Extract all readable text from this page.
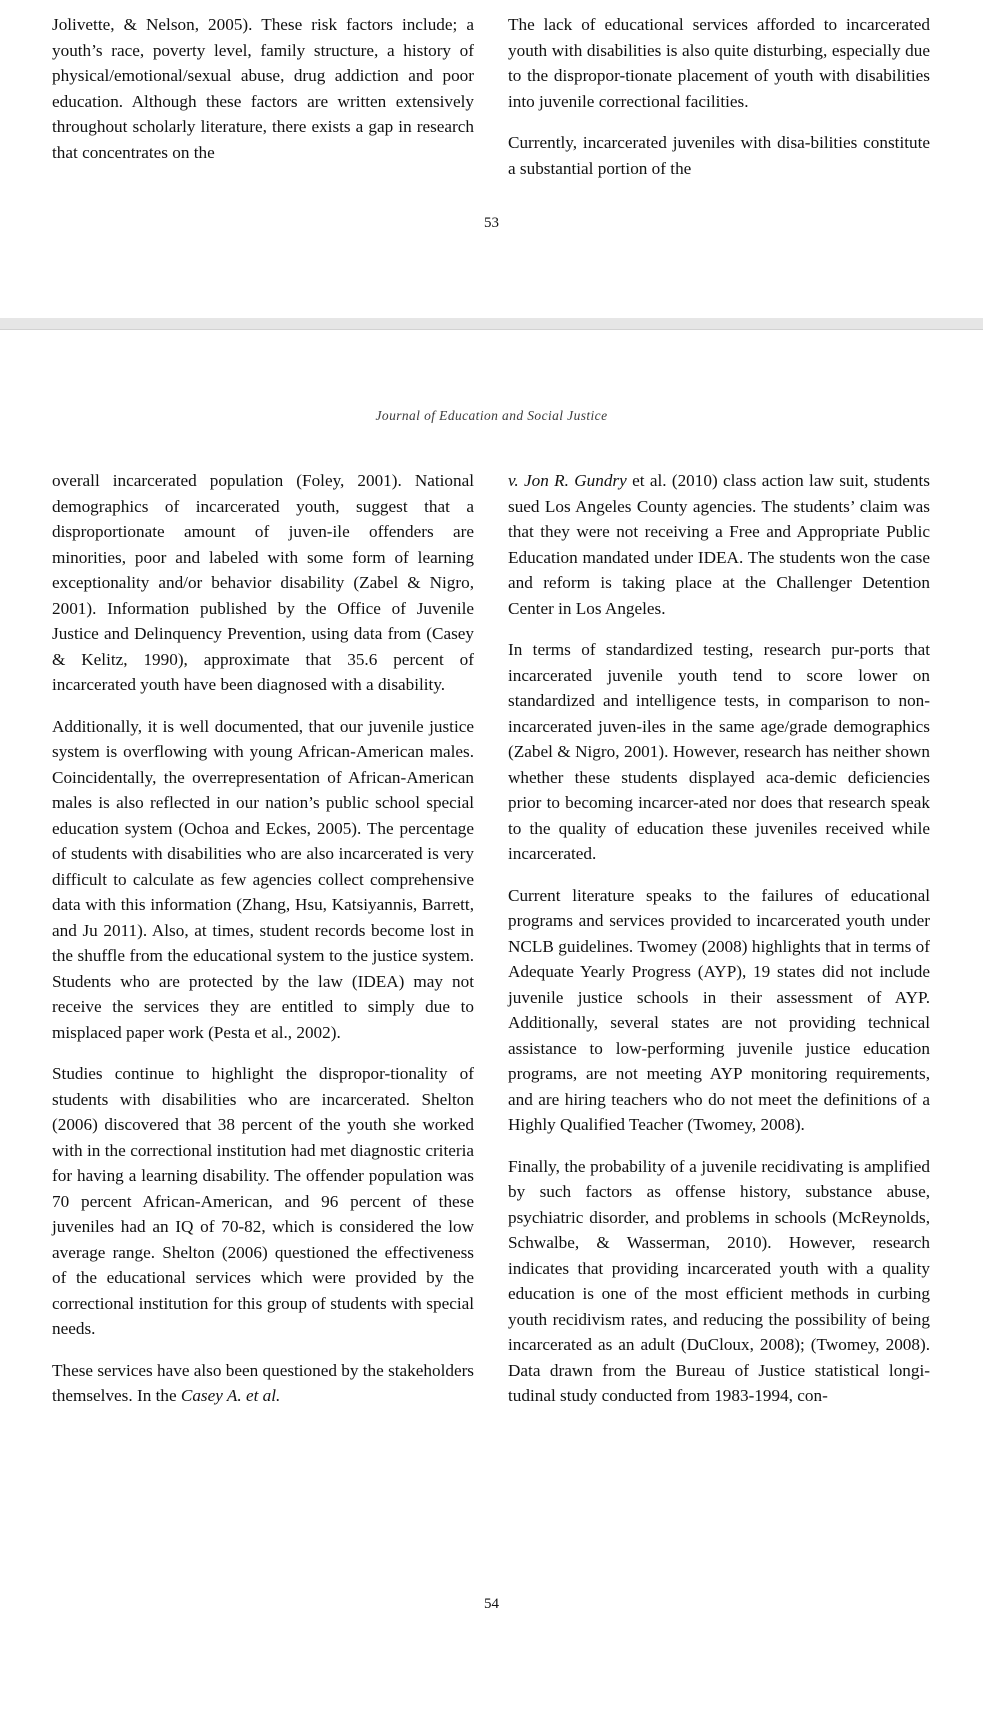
Jolivette, & Nelson, 2005). These risk factors include; a youth’s race, poverty level, family structure, a history of physical/emotional/sexual abuse, drug addiction and poor education. Although these factors are written extensively throughout scholarly literature, there exists a gap in research that concentrates on the

The lack of educational services afforded to incarcerated youth with disabilities is also quite disturbing, especially due to the dispropor-tionate placement of youth with disabilities into juvenile correctional facilities.

Currently, incarcerated juveniles with disa-bilities constitute a substantial portion of the

53
Journal of Education and Social Justice

overall incarcerated population (Foley, 2001). National demographics of incarcerated youth, suggest that a disproportionate amount of juven-ile offenders are minorities, poor and labeled with some form of learning exceptionality and/or behavior disability (Zabel & Nigro, 2001). Information published by the Office of Juvenile Justice and Delinquency Prevention, using data from (Casey & Kelitz, 1990), approximate that 35.6 percent of incarcerated youth have been diagnosed with a disability.

Additionally, it is well documented, that our juvenile justice system is overflowing with young African-American males. Coincidentally, the overrepresentation of African-American males is also reflected in our nation’s public school special education system (Ochoa and Eckes, 2005). The percentage of students with disabilities who are also incarcerated is very difficult to calculate as few agencies collect comprehensive data with this information (Zhang, Hsu, Katsiyannis, Barrett, and Ju 2011). Also, at times, student records become lost in the shuffle from the educational system to the justice system. Students who are protected by the law (IDEA) may not receive the services they are entitled to simply due to misplaced paper work (Pesta et al., 2002).

Studies continue to highlight the dispropor-tionality of students with disabilities who are incarcerated. Shelton (2006) discovered that 38 percent of the youth she worked with in the correctional institution had met diagnostic criteria for having a learning disability. The offender population was 70 percent African-American, and 96 percent of these juveniles had an IQ of 70-82, which is considered the low average range. Shelton (2006) questioned the effectiveness of the educational services which were provided by the correctional institution for this group of students with special needs.

These services have also been questioned by the stakeholders themselves. In the Casey A. et al.

v. Jon R. Gundry et al. (2010) class action law suit, students sued Los Angeles County agencies. The students’ claim was that they were not receiving a Free and Appropriate Public Education mandated under IDEA. The students won the case and reform is taking place at the Challenger Detention Center in Los Angeles.

In terms of standardized testing, research pur-ports that incarcerated juvenile youth tend to score lower on standardized and intelligence tests, in comparison to non-incarcerated juven-iles in the same age/grade demographics (Zabel & Nigro, 2001). However, research has neither shown whether these students displayed aca-demic deficiencies prior to becoming incarcer-ated nor does that research speak to the quality of education these juveniles received while incarcerated.

Current literature speaks to the failures of educational programs and services provided to incarcerated youth under NCLB guidelines. Twomey (2008) highlights that in terms of Adequate Yearly Progress (AYP), 19 states did not include juvenile justice schools in their assessment of AYP. Additionally, several states are not providing technical assistance to low-performing juvenile justice education programs, are not meeting AYP monitoring requirements, and are hiring teachers who do not meet the definitions of a Highly Qualified Teacher (Twomey, 2008).

Finally, the probability of a juvenile recidivating is amplified by such factors as offense history, substance abuse, psychiatric disorder, and problems in schools (McReynolds, Schwalbe, & Wasserman, 2010). However, research indicates that providing incarcerated youth with a quality education is one of the most efficient methods in curbing youth recidivism rates, and reducing the possibility of being incarcerated as an adult (DuCloux, 2008); (Twomey, 2008). Data drawn from the Bureau of Justice statistical longi-tudinal study conducted from 1983-1994, con-

54
